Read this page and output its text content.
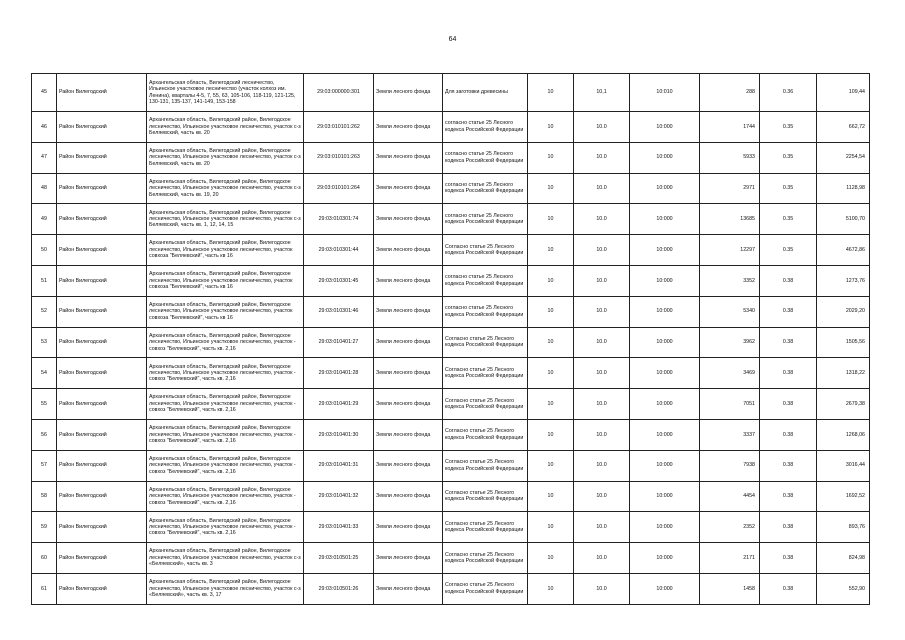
64
45	Район Вилегодский	Архангельская область, Вилегодский лесничество, Ильинское участковое лесничество (участок колхоз им. Ленина), кварталы 4-5, 7, 55, 63, 105-106, 118-119, 121-125, 130-131, 135-137, 141-149, 153-158	29:03:000000:301	Земли лесного фонда	Для заготовки древесины	10	10,1	10:010	288	0.36	109,44
46	Район Вилегодский	Архангельская область, Вилегодский район, Вилегодское лесничество, Ильинское участковое лесничество, участок с-з Беляевский, часть кв. 20	29:03:010101:262	Земли лесного фонда	согласно статье 25 Лесного кодекса Российской Федерации	10	10.0	10:000	1744	0.35	662,72
47	Район Вилегодский	Архангельская область, Вилегодский район, Вилегодское лесничество, Ильинское участковое лесничество, участок с-з Беляевский, часть кв. 20	29:03:010101:263	Земли лесного фонда	согласно статье 25 Лесного кодекса Российской Федерации	10	10.0	10:000	5933	0.35	2254,54
48	Район Вилегодский	Архангельская область, Вилегодский район, Вилегодское лесничество, Ильинское участковое лесничество, участок с-з Беляевский, часть кв. 19, 20	29:03:010101:264	Земли лесного фонда	согласно статье 25 Лесного кодекса Российской Федерации	10	10.0	10:000	2971	0.35	1128,98
49	Район Вилегодский	Архангельская область, Вилегодский район, Вилегодское лесничество, Ильинское участковое лесничество, участок с-з Беляевский, часть кв. 1, 12, 14, 15	29:03:010301:74	Земли лесного фонда	согласно статье 25 Лесного кодекса Российской Федерации	10	10.0	10:000	13685	0.35	5100,70
50	Район Вилегодский	Архангельская область, Вилегодский район, Вилегодское лесничество, Ильинское участковое лесничество, участок совхоза "Беляевский", часть кв 16	29:03:010301:44	Земли лесного фонда	Согласно статье 25 Лесного кодекса Российской Федерации	10	10.0	10:000	12297	0.35	4672,86
51	Район Вилегодский	Архангельская область, Вилегодский район, Вилегодское лесничество, Ильинское участковое лесничество, участок совхоза "Беляевский", часть кв 16	29:03:010301:45	Земли лесного фонда	согласно статье 25 Лесного кодекса Российской Федерации	10	10.0	10:000	3352	0.38	1273,76
52	Район Вилегодский	Архангельская область, Вилегодский район, Вилегодское лесничество, Ильинское участковое лесничество, участок совхоза "Беляевский", часть кв 16	29:03:010301:46	Земли лесного фонда	согласно статье 25 Лесного кодекса Российской Федерации	10	10.0	10:000	5340	0.38	2029,20
53	Район Вилегодский	Архангельская область, Вилегодский район, Вилегодское лесничество, Ильинское участковое лесничество, участок - совхоз "Беляевский", часть кв. 2,16	29:03:010401:27	Земли лесного фонда	Согласно статье 25 Лесного кодекса Российской Федерации	10	10.0	10:000	3962	0.38	1505,56
54	Район Вилегодский	Архангельская область, Вилегодский район, Вилегодское лесничество, Ильинское участковое лесничество, участок - совхоз "Беляевский", часть кв. 2,16	29:03:010401:28	Земли лесного фонда	Согласно статье 25 Лесного кодекса Российской Федерации	10	10.0	10:000	3469	0.38	1318,22
55	Район Вилегодский	Архангельская область, Вилегодский район, Вилегодское лесничество, Ильинское участковое лесничество, участок - совхоз "Беляевский", часть кв. 2,16	29:03:010401:29	Земли лесного фонда	Согласно статье 25 Лесного кодекса Российской Федерации	10	10.0	10:000	7051	0.38	2679,38
56	Район Вилегодский	Архангельская область, Вилегодский район, Вилегодское лесничество, Ильинское участковое лесничество, участок - совхоз "Беляевский", часть кв. 2,16	29:03:010401:30	Земли лесного фонда	Согласно статье 25 Лесного кодекса Российской Федерации	10	10.0	10:000	3337	0.38	1268,06
57	Район Вилегодский	Архангельская область, Вилегодский район, Вилегодское лесничество, Ильинское участковое лесничество, участок - совхоз "Беляевский", часть кв. 2,16	29:03:010401:31	Земли лесного фонда	Согласно статье 25 Лесного кодекса Российской Федерации	10	10.0	10:000	7938	0.38	3016,44
58	Район Вилегодский	Архангельская область, Вилегодский район, Вилегодское лесничество, Ильинское участковое лесничество, участок - совхоз "Беляевский", часть кв. 2,16	29:03:010401:32	Земли лесного фонда	Согласно статье 25 Лесного кодекса Российской Федерации	10	10.0	10:000	4454	0.38	1692,52
59	Район Вилегодский	Архангельская область, Вилегодский район, Вилегодское лесничество, Ильинское участковое лесничество, участок - совхоз "Беляевский", часть кв. 2,16	29:03:010401:33	Земли лесного фонда	Согласно статье 25 Лесного кодекса Российской Федерации	10	10.0	10:000	2352	0.38	893,76
60	Район Вилегодский	Архангельская область, Вилегодский район, Вилегодское лесничество, Ильинское участковое лесничество, участок с-з «Беляевский», часть кв. 3	29:03:010501:25	Земли лесного фонда	Согласно статье 25 Лесного кодекса Российской Федерации	10	10.0	10:000	2171	0.38	824,98
61	Район Вилегодский	Архангельская область, Вилегодский район, Вилегодское лесничество, Ильинское участковое лесничество, участок с-з «Беляевский», часть кв. 3, 17	29:03:010501:26	Земли лесного фонда	Согласно статье 25 Лесного кодекса Российской Федерации	10	10.0	10:000	1458	0.38	552,90
